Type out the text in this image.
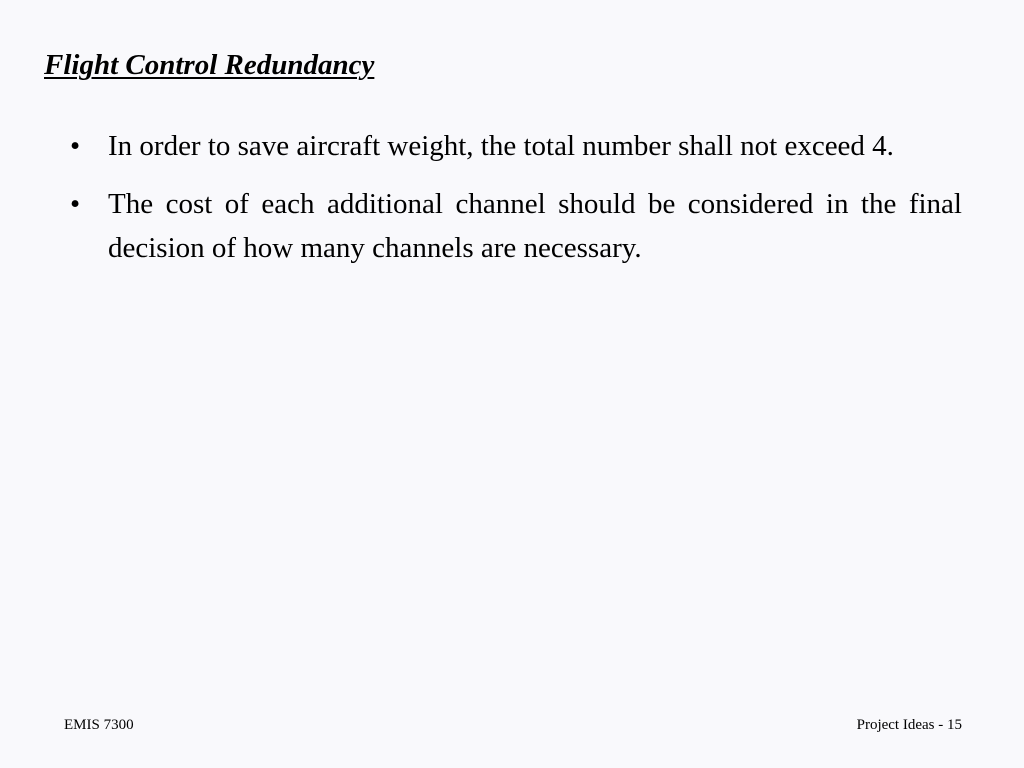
Flight Control Redundancy
• In order to save aircraft weight, the total number shall not exceed 4.
• The cost of each additional channel should be considered in the final decision of how many channels are necessary.
EMIS 7300	Project Ideas - 15
